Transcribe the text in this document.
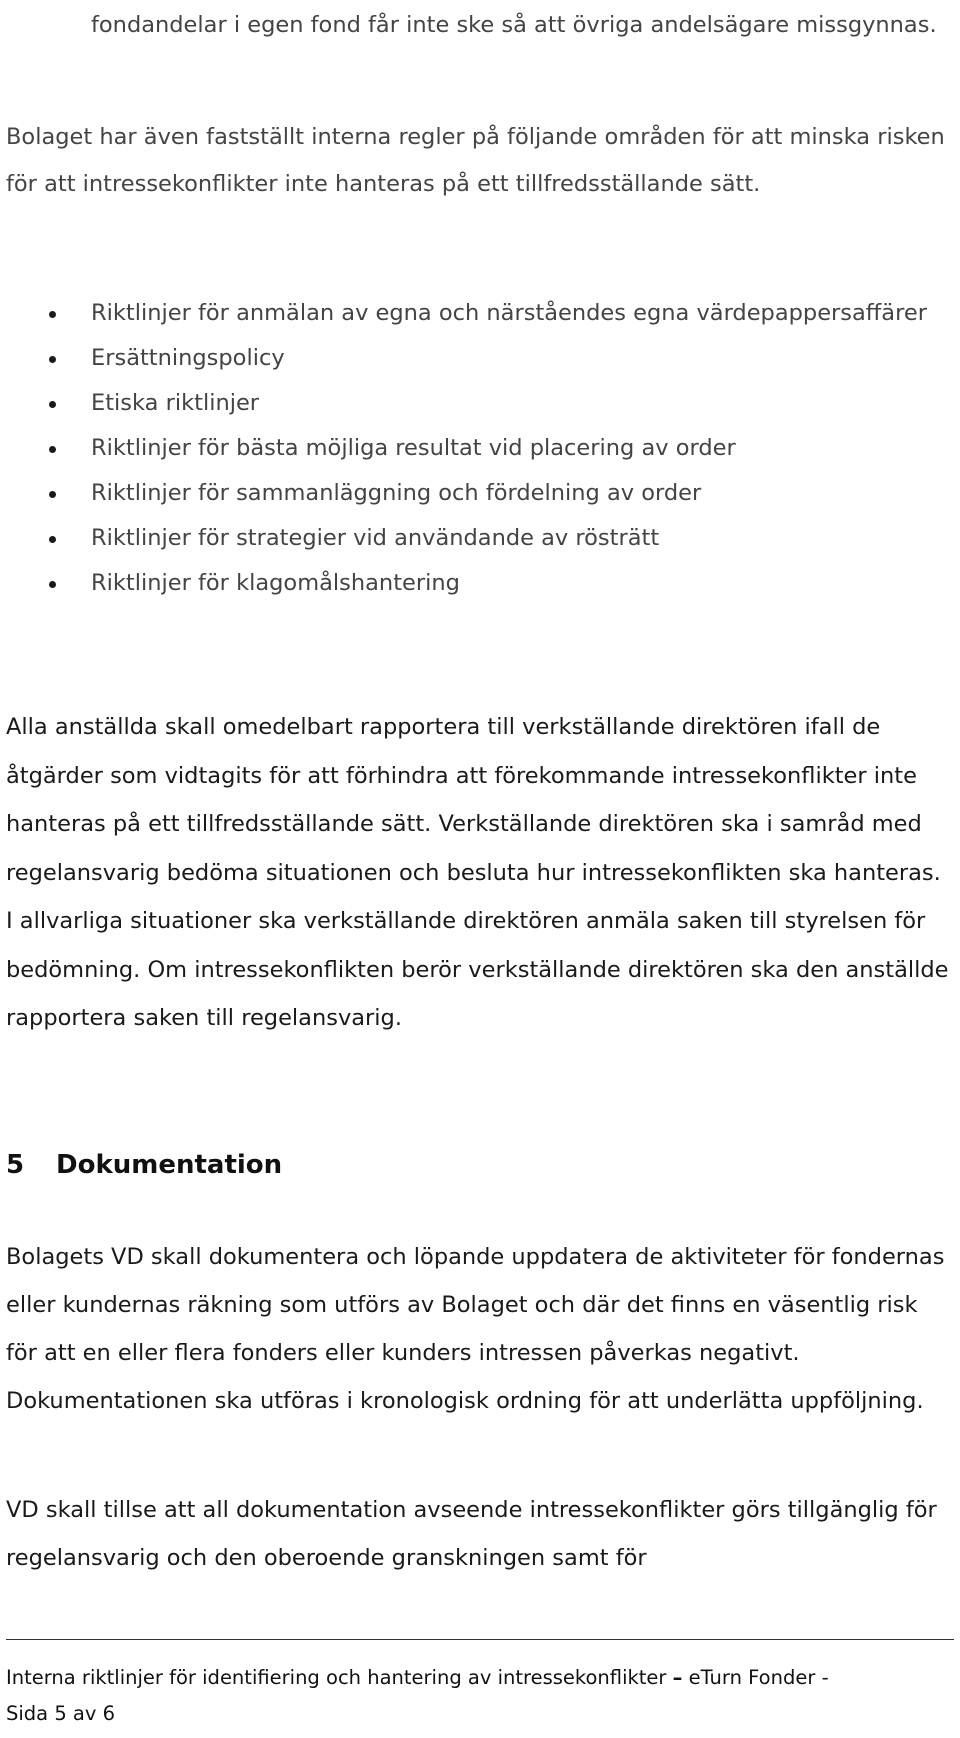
fondandelar i egen fond får inte ske så att övriga andelsägare missgynnas.

Bolaget har även fastställt interna regler på följande områden för att minska risken för att intressekonflikter inte hanteras på ett tillfredsställande sätt.

Riktlinjer för anmälan av egna och närståendes egna värdepappersaffärer
Ersättningspolicy
Etiska riktlinjer
Riktlinjer för bästa möjliga resultat vid placering av order
Riktlinjer för sammanläggning och fördelning av order
Riktlinjer för strategier vid användande av rösträtt
Riktlinjer för klagomålshantering

Alla anställda skall omedelbart rapportera till verkställande direktören ifall de åtgärder som vidtagits för att förhindra att förekommande intressekonflikter inte hanteras på ett tillfredsställande sätt. Verkställande direktören ska i samråd med regelansvarig bedöma situationen och besluta hur intressekonflikten ska hanteras. I allvarliga situationer ska verkställande direktören anmäla saken till styrelsen för bedömning. Om intressekonflikten berör verkställande direktören ska den anställde rapportera saken till regelansvarig.

5 Dokumentation

Bolagets VD skall dokumentera och löpande uppdatera de aktiviteter för fondernas eller kundernas räkning som utförs av Bolaget och där det finns en väsentlig risk för att en eller flera fonders eller kunders intressen påverkas negativt. Dokumentationen ska utföras i kronologisk ordning för att underlätta uppföljning.

VD skall tillse att all dokumentation avseende intressekonflikter görs tillgänglig för regelansvarig och den oberoende granskningen samt för

Interna riktlinjer för identifiering och hantering av intressekonflikter – eTurn Fonder -
Sida 5 av 6
